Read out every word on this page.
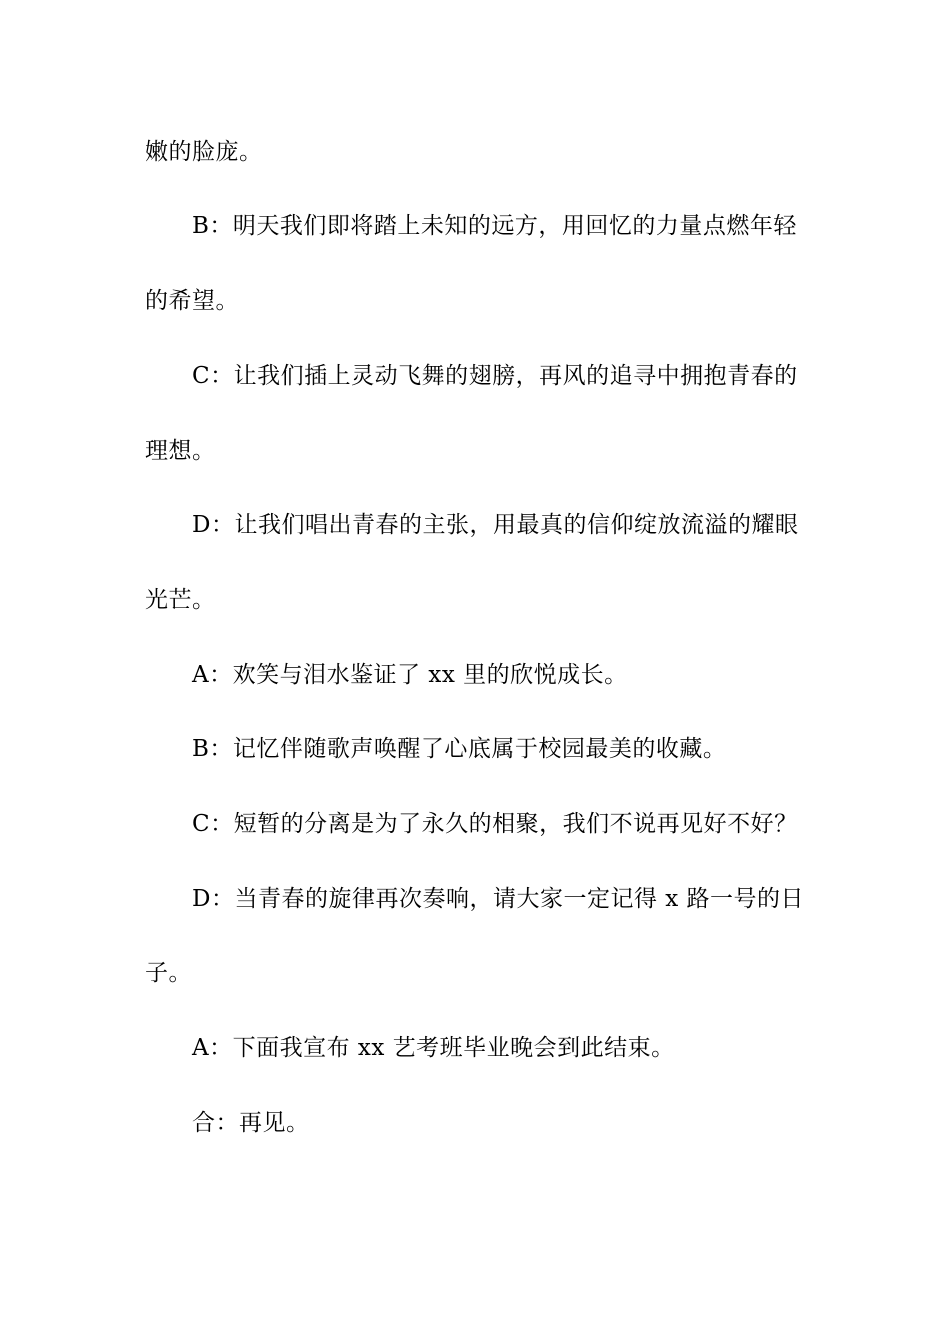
嫩的脸庞。
B：明天我们即将踏上未知的远方，用回忆的力量点燃年轻
的希望。
C：让我们插上灵动飞舞的翅膀，再风的追寻中拥抱青春的
理想。
D：让我们唱出青春的主张，用最真的信仰绽放流溢的耀眼
光芒。
A：欢笑与泪水鉴证了 xx 里的欣悦成长。
B：记忆伴随歌声唤醒了心底属于校园最美的收藏。
C：短暂的分离是为了永久的相聚，我们不说再见好不好？
D：当青春的旋律再次奏响，请大家一定记得 x 路一号的日
子。
A：下面我宣布 xx 艺考班毕业晚会到此结束。
合：再见。
